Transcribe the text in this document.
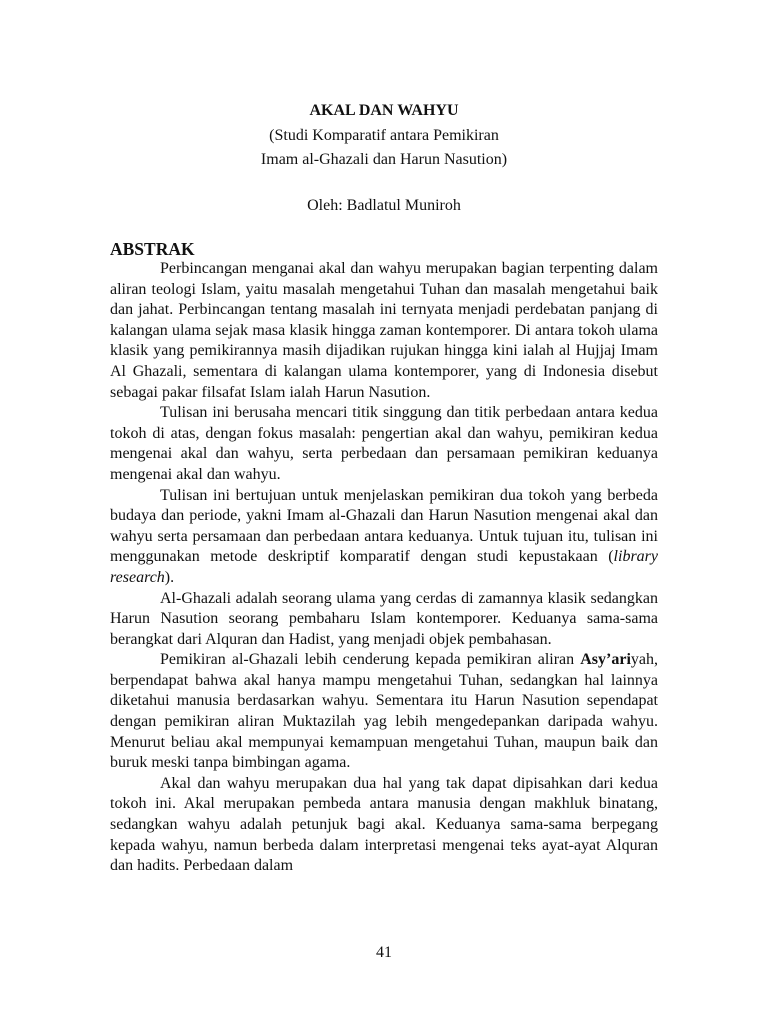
AKAL DAN WAHYU
(Studi Komparatif antara Pemikiran
Imam al-Ghazali dan Harun Nasution)
Oleh: Badlatul Muniroh
ABSTRAK

Perbincangan menganai akal dan wahyu merupakan bagian terpenting dalam aliran teologi Islam, yaitu masalah mengetahui Tuhan dan masalah mengetahui baik dan jahat. Perbincangan tentang masalah ini ternyata menjadi perdebatan panjang di kalangan ulama sejak masa klasik hingga zaman kontemporer. Di antara tokoh ulama klasik yang pemikirannya masih dijadikan rujukan hingga kini ialah al Hujjaj Imam Al Ghazali, sementara di kalangan ulama kontemporer, yang di Indonesia disebut sebagai pakar filsafat Islam ialah Harun Nasution.

Tulisan ini berusaha mencari titik singgung dan titik perbedaan antara kedua tokoh di atas, dengan fokus masalah: pengertian akal dan wahyu, pemikiran kedua mengenai akal dan wahyu, serta perbedaan dan persamaan pemikiran keduanya mengenai akal dan wahyu.

Tulisan ini bertujuan untuk menjelaskan pemikiran dua tokoh yang berbeda budaya dan periode, yakni Imam al-Ghazali dan Harun Nasution mengenai akal dan wahyu serta persamaan dan perbedaan antara keduanya. Untuk tujuan itu, tulisan ini menggunakan metode deskriptif komparatif dengan studi kepustakaan (library research).

Al-Ghazali adalah seorang ulama yang cerdas di zamannya klasik sedangkan Harun Nasution seorang pembaharu Islam kontemporer. Keduanya sama-sama berangkat dari Alquran dan Hadist, yang menjadi objek pembahasan.

Pemikiran al-Ghazali lebih cenderung kepada pemikiran aliran Asy’ariyah, berpendapat bahwa akal hanya mampu mengetahui Tuhan, sedangkan hal lainnya diketahui manusia berdasarkan wahyu. Sementara itu Harun Nasution sependapat dengan pemikiran aliran Muktazilah yag lebih mengedepankan daripada wahyu. Menurut beliau akal mempunyai kemampuan mengetahui Tuhan, maupun baik dan buruk meski tanpa bimbingan agama.

Akal dan wahyu merupakan dua hal yang tak dapat dipisahkan dari kedua tokoh ini. Akal merupakan pembeda antara manusia dengan makhluk binatang, sedangkan wahyu adalah petunjuk bagi akal. Keduanya sama-sama berpegang kepada wahyu, namun berbeda dalam interpretasi mengenai teks ayat-ayat Alquran dan hadits. Perbedaan dalam

41
